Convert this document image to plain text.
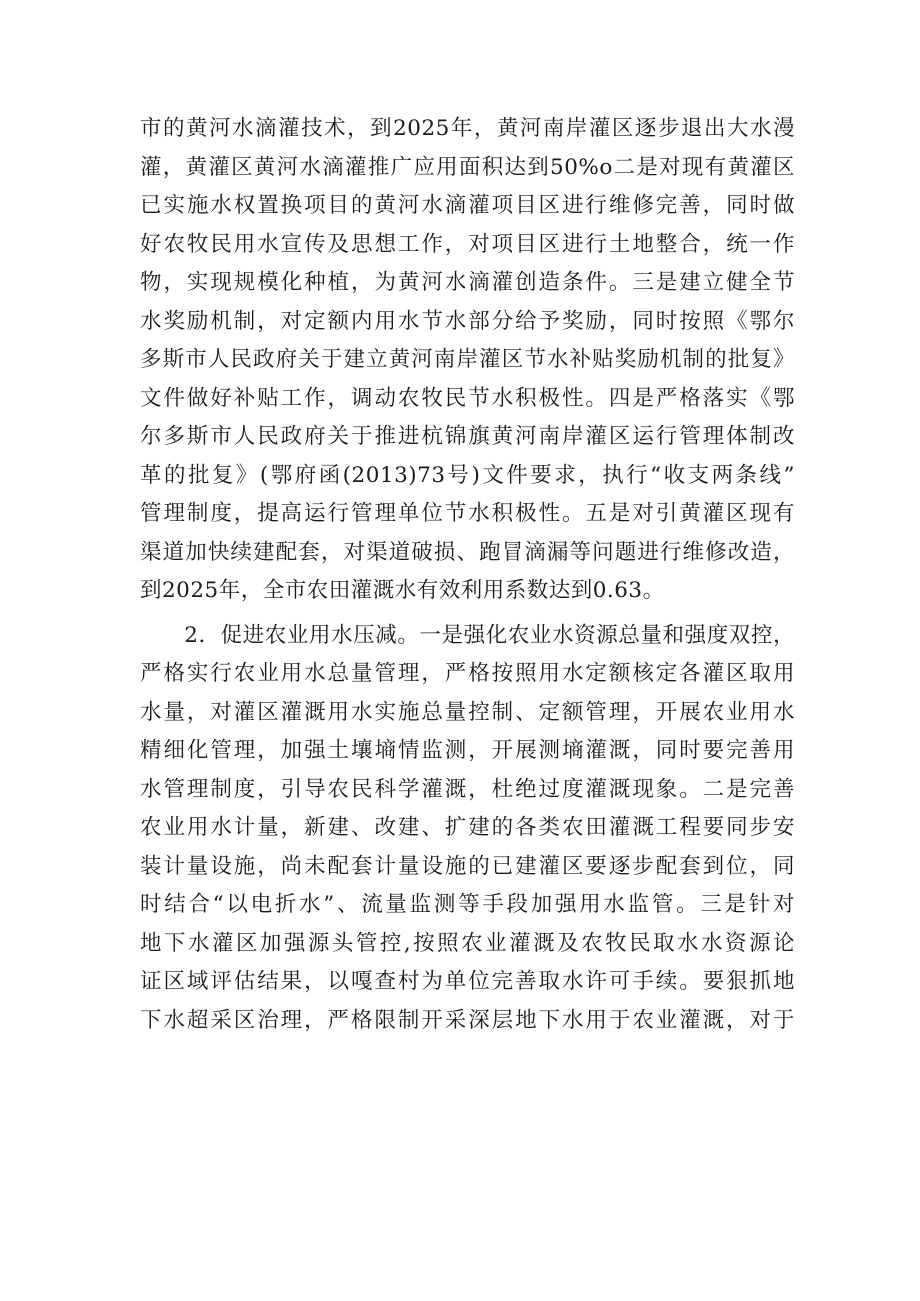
市的黄河水滴灌技术，到2025年，黄河南岸灌区逐步退出大水漫
灌，黄灌区黄河水滴灌推广应用面积达到50%o二是对现有黄灌区
已实施水权置换项目的黄河水滴灌项目区进行维修完善，同时做
好农牧民用水宣传及思想工作，对项目区进行土地整合，统一作
物，实现规模化种植，为黄河水滴灌创造条件。三是建立健全节
水奖励机制，对定额内用水节水部分给予奖励，同时按照《鄂尔
多斯市人民政府关于建立黄河南岸灌区节水补贴奖励机制的批复》
文件做好补贴工作，调动农牧民节水积极性。四是严格落实《鄂
尔多斯市人民政府关于推进杭锦旗黄河南岸灌区运行管理体制改
革的批复》(鄂府函(2013)73号)文件要求，执行“收支两条线”
管理制度，提高运行管理单位节水积极性。五是对引黄灌区现有
渠道加快续建配套，对渠道破损、跑冒滴漏等问题进行维修改造，
到2025年，全市农田灌溉水有效利用系数达到0.63。
　　2．促进农业用水压减。一是强化农业水资源总量和强度双控，
严格实行农业用水总量管理，严格按照用水定额核定各灌区取用
水量，对灌区灌溉用水实施总量控制、定额管理，开展农业用水
精细化管理，加强土壤墒情监测，开展测墒灌溉，同时要完善用
水管理制度，引导农民科学灌溉，杜绝过度灌溉现象。二是完善
农业用水计量，新建、改建、扩建的各类农田灌溉工程要同步安
装计量设施，尚未配套计量设施的已建灌区要逐步配套到位，同
时结合“以电折水”、流量监测等手段加强用水监管。三是针对
地下水灌区加强源头管控,按照农业灌溉及农牧民取水水资源论
证区域评估结果，以嘎查村为单位完善取水许可手续。要狠抓地
下水超采区治理，严格限制开采深层地下水用于农业灌溉，对于
